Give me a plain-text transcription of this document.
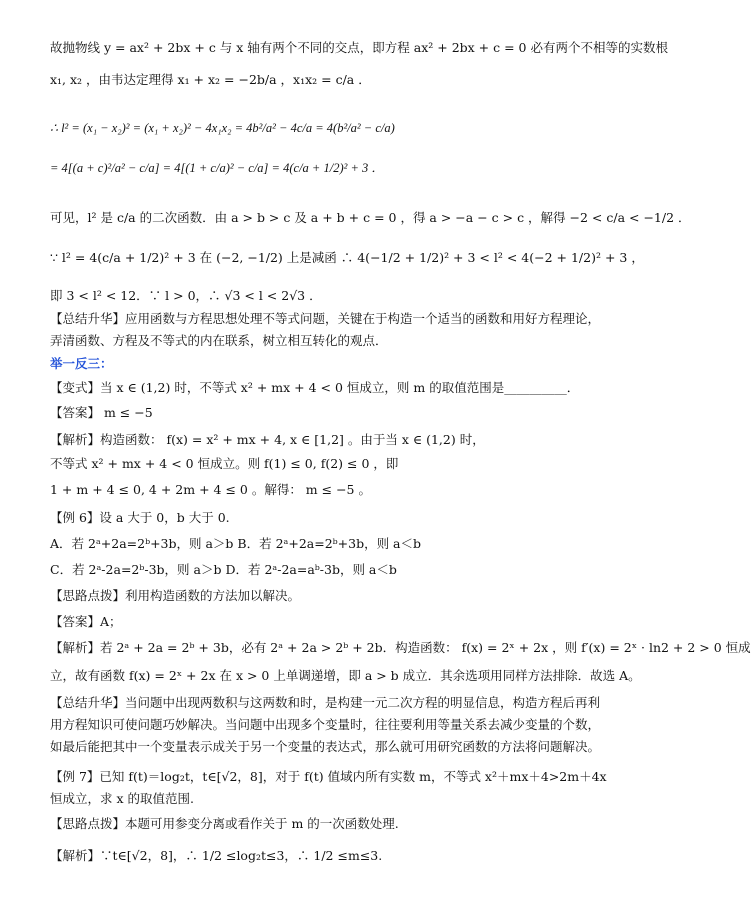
故抛物线 y = ax² + 2bx + c 与 x 轴有两个不同的交点，即方程 ax² + 2bx + c = 0 必有两个不相等的实数根
x₁, x₂ ，由韦达定理得 x₁ + x₂ = −2b/a ，x₁x₂ = c/a ．
∴ l² = (x₁ − x₂)² = (x₁ + x₂)² − 4x₁x₂ = 4b²/a² − 4c/a = 4(b²/a² − c/a)
= 4[(a + c)²/a² − c/a] = 4[(1 + c/a)² − c/a] = 4(c/a + 1/2)² + 3 ．
可见，l² 是 c/a 的二次函数．由 a > b > c 及 a + b + c = 0 ，得 a > −a − c > c ，解得 −2 < c/a < −1/2 ．
∵ l² = 4(c/a + 1/2)² + 3 在 (−2, −1/2) 上是减函 ∴ 4(−1/2 + 1/2)² + 3 < l² < 4(−2 + 1/2)² + 3 ，
即 3 < l² < 12．∵ l > 0，∴ √3 < l < 2√3 ．
【总结升华】应用函数与方程思想处理不等式问题，关键在于构造一个适当的函数和用好方程理论，弄清函数、方程及不等式的内在联系，树立相互转化的观点．
举一反三：
【变式】当 x ∈ (1,2) 时，不等式 x² + mx + 4 < 0 恒成立，则 m 的取值范围是__________．
【答案】 m ≤ −5
【解析】构造函数： f(x) = x² + mx + 4, x ∈ [1,2] 。由于当 x ∈ (1,2) 时，
不等式 x² + mx + 4 < 0 恒成立。则 f(1) ≤ 0, f(2) ≤ 0 ，即
1 + m + 4 ≤ 0, 4 + 2m + 4 ≤ 0 。解得： m ≤ −5 。
【例 6】设 a 大于 0，b 大于 0.
A．若 2ᵃ+2a=2ᵇ+3b，则 a＞b B．若 2ᵃ+2a=2ᵇ+3b，则 a＜b
C．若 2ᵃ-2a=2ᵇ-3b，则 a＞b D．若 2ᵃ-2a=aᵇ-3b，则 a＜b
【思路点拨】利用构造函数的方法加以解决。
【答案】A；
【解析】若 2ᵃ + 2a = 2ᵇ + 3b，必有 2ᵃ + 2a > 2ᵇ + 2b．构造函数： f(x) = 2ˣ + 2x ，则 f′(x) = 2ˣ · ln2 + 2 > 0 恒成
立，故有函数 f(x) = 2ˣ + 2x 在 x > 0 上单调递增，即 a > b 成立．其余选项用同样方法排除．故选 A。
【总结升华】当问题中出现两数积与这两数和时，是构建一元二次方程的明显信息，构造方程后再利用方程知识可使问题巧妙解决。当问题中出现多个变量时，往往要利用等量关系去减少变量的个数，如最后能把其中一个变量表示成关于另一个变量的表达式，那么就可用研究函数的方法将问题解决。
【例 7】已知 f(t)＝log₂t，t∈[√2，8]，对于 f(t) 值域内所有实数 m，不等式 x²＋mx＋4>2m＋4x 恒成立，求 x 的取值范围.
【思路点拨】本题可用参变分离或看作关于 m 的一次函数处理.
【解析】∵t∈[√2，8]，∴ 1/2 ≤log₂t≤3，∴ 1/2 ≤m≤3.
